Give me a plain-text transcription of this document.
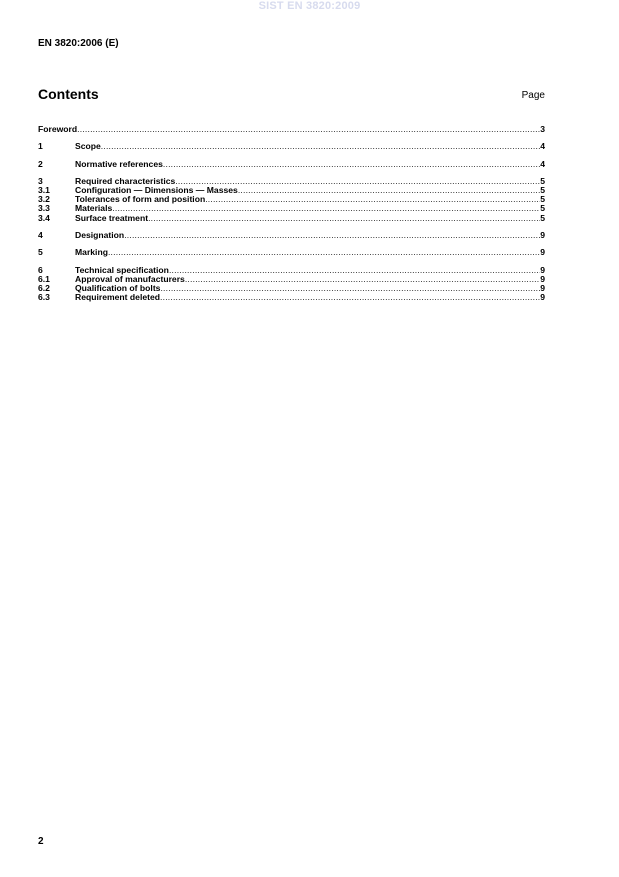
SIST EN 3820:2009
EN 3820:2006 (E)
Contents	Page
Foreword .....	3
1	Scope .....	4
2	Normative references .....	4
3	Required characteristics .....	5
3.1	Configuration — Dimensions — Masses .....	5
3.2	Tolerances of form and position .....	5
3.3	Materials .....	5
3.4	Surface treatment .....	5
4	Designation .....	9
5	Marking .....	9
6	Technical specification .....	9
6.1	Approval of manufacturers .....	9
6.2	Qualification of bolts .....	9
6.3	Requirement deleted .....	9
2
